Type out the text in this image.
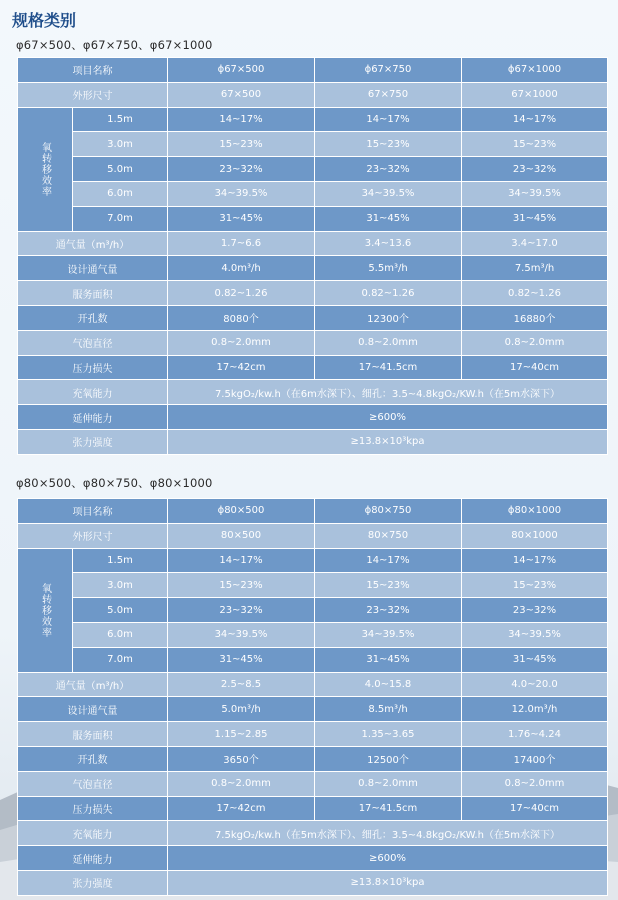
规格类别
φ67×500、φ67×750、φ67×1000
项目名称		ϕ67×500	ϕ67×750	ϕ67×1000
外形尺寸		67×500	67×750	67×1000
氧转移效率	1.5m	14~17%	14~17%	14~17%
	3.0m	15~23%	15~23%	15~23%
	5.0m	23~32%	23~32%	23~32%
	6.0m	34~39.5%	34~39.5%	34~39.5%
	7.0m	31~45%	31~45%	31~45%
通气量（m³/h）		1.7~6.6	3.4~13.6	3.4~17.0
设计通气量		4.0m³/h	5.5m³/h	7.5m³/h
服务面积		0.82~1.26	0.82~1.26	0.82~1.26
开孔数		8080个	12300个	16880个
气泡直径		0.8~2.0mm	0.8~2.0mm	0.8~2.0mm
压力损失		17~42cm	17~41.5cm	17~40cm
充氧能力		7.5kgO₂/kw.h（在6m水深下）、细孔：3.5~4.8kgO₂/KW.h（在5m水深下）		
延伸能力		≥600%		
张力强度		≥13.8×10³kpa		
φ80×500、φ80×750、φ80×1000
项目名称		ϕ80×500	ϕ80×750	ϕ80×1000
外形尺寸		80×500	80×750	80×1000
氧转移效率	1.5m	14~17%	14~17%	14~17%
	3.0m	15~23%	15~23%	15~23%
	5.0m	23~32%	23~32%	23~32%
	6.0m	34~39.5%	34~39.5%	34~39.5%
	7.0m	31~45%	31~45%	31~45%
通气量（m³/h）		2.5~8.5	4.0~15.8	4.0~20.0
设计通气量		5.0m³/h	8.5m³/h	12.0m³/h
服务面积		1.15~2.85	1.35~3.65	1.76~4.24
开孔数		3650个	12500个	17400个
气泡直径		0.8~2.0mm	0.8~2.0mm	0.8~2.0mm
压力损失		17~42cm	17~41.5cm	17~40cm
充氧能力		7.5kgO₂/kw.h（在5m水深下）、细孔：3.5~4.8kgO₂/KW.h（在5m水深下）		
延伸能力		≥600%		
张力强度		≥13.8×10³kpa		
